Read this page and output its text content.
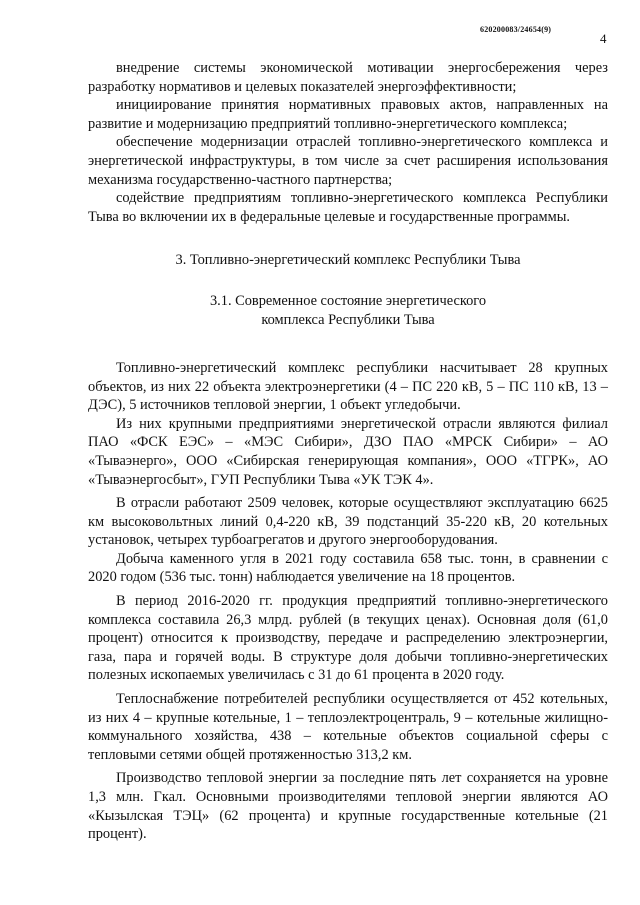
620200083/24654(9)
4

внедрение системы экономической мотивации энергосбережения через разработку нормативов и целевых показателей энергоэффективности;

инициирование принятия нормативных правовых актов, направленных на развитие и модернизацию предприятий топливно-энергетического комплекса;

обеспечение модернизации отраслей топливно-энергетического комплекса и энергетической инфраструктуры, в том числе за счет расширения использования механизма государственно-частного партнерства;

содействие предприятиям топливно-энергетического комплекса Республики Тыва во включении их в федеральные целевые и государственные программы.

3. Топливно-энергетический комплекс Республики Тыва
3.1. Современное состояние энергетического
комплекса Республики Тыва

Топливно-энергетический комплекс республики насчитывает 28 крупных объектов, из них 22 объекта электроэнергетики (4 – ПС 220 кВ, 5 – ПС 110 кВ, 13 – ДЭС), 5 источников тепловой энергии, 1 объект угледобычи.

Из них крупными предприятиями энергетической отрасли являются филиал ПАО «ФСК ЕЭС» – «МЭС Сибири», ДЗО ПАО «МРСК Сибири» – АО «Тываэнерго», ООО «Сибирская генерирующая компания», ООО «ТГРК», АО «Тываэнергосбыт», ГУП Республики Тыва «УК ТЭК 4».

В отрасли работают 2509 человек, которые осуществляют эксплуатацию 6625 км высоковольтных линий 0,4-220 кВ, 39 подстанций 35-220 кВ, 20 котельных установок, четырех турбоагрегатов и другого энергооборудования.

Добыча каменного угля в 2021 году составила 658 тыс. тонн, в сравнении с 2020 годом (536 тыс. тонн) наблюдается увеличение на 18 процентов.

В период 2016-2020 гг. продукция предприятий топливно-энергетического комплекса составила 26,3 млрд. рублей (в текущих ценах). Основная доля (61,0 процент) относится к производству, передаче и распределению электроэнергии, газа, пара и горячей воды. В структуре доля добычи топливно-энергетических полезных ископаемых увеличилась с 31 до 61 процента в 2020 году.

Теплоснабжение потребителей республики осуществляется от 452 котельных, из них 4 – крупные котельные, 1 – теплоэлектроцентраль, 9 – котельные жилищно-коммунального хозяйства, 438 – котельные объектов социальной сферы с тепловыми сетями общей протяженностью 313,2 км.

Производство тепловой энергии за последние пять лет сохраняется на уровне 1,3 млн. Гкал. Основными производителями тепловой энергии являются АО «Кызылская ТЭЦ» (62 процента) и крупные государственные котельные (21 процент).
